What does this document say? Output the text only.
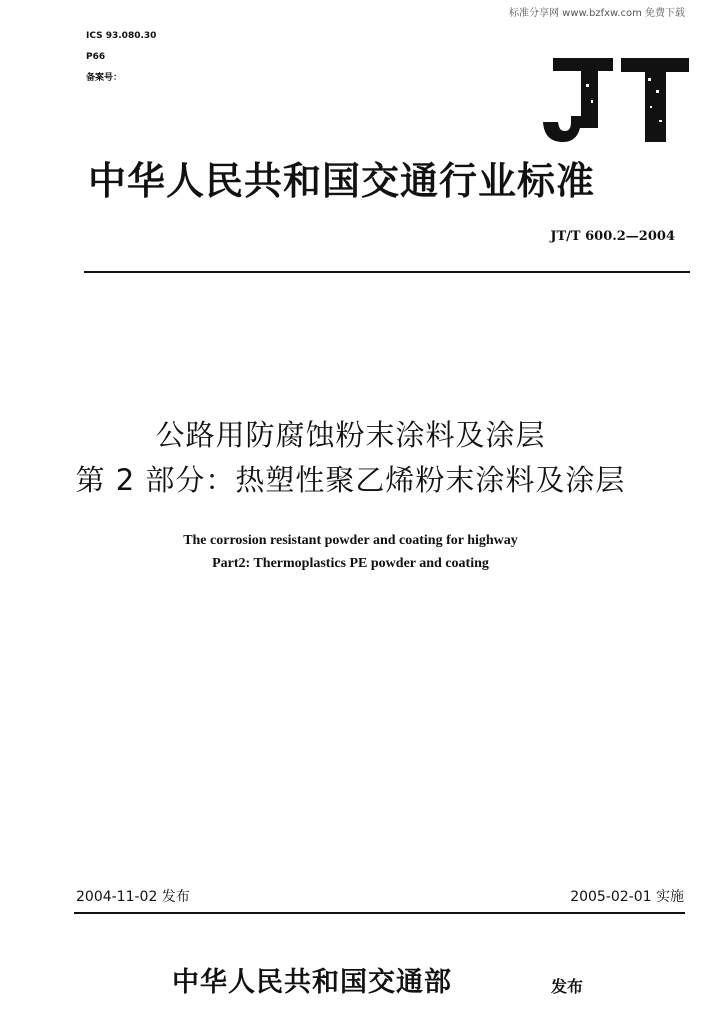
标准分享网 www.bzfxw.com 免费下载
ICS 93.080.30
P66
备案号：
中华人民共和国交通行业标准
JT/T 600.2—2004
公路用防腐蚀粉末涂料及涂层
第 2 部分：热塑性聚乙烯粉末涂料及涂层
The corrosion resistant powder and coating for highway
Part2: Thermoplastics PE powder and coating
2004-11-02 发布	2005-02-01 实施
中华人民共和国交通部	发布
